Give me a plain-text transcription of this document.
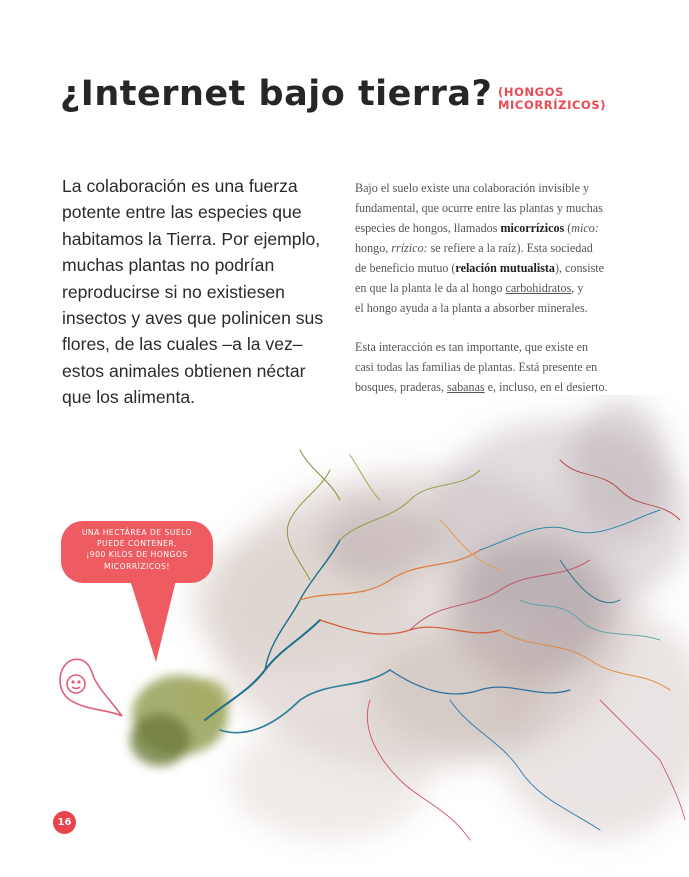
¿Internet bajo tierra? (HONGOS
MICORRÍZICOS)
La colaboración es una fuerza
potente entre las especies que
habitamos la Tierra. Por ejemplo,
muchas plantas no podrían
reproducirse si no existiesen
insectos y aves que polinicen sus
flores, de las cuales –a la vez–
estos animales obtienen néctar
que los alimenta.
Bajo el suelo existe una colaboración invisible y
fundamental, que ocurre entre las plantas y muchas
especies de hongos, llamados micorrízicos (mico:
hongo, rrízico: se refiere a la raíz). Esta sociedad
de beneficio mutuo (relación mutualista), consiste
en que la planta le da al hongo carbohidratos, y
el hongo ayuda a la planta a absorber minerales.
Esta interacción es tan importante, que existe en
casi todas las familias de plantas. Está presente en
bosques, praderas, sabanas e, incluso, en el desierto.
UNA HECTÁREA DE SUELO
PUEDE CONTENER,
¡900 KILOS DE HONGOS
MICORRÍZICOS!
16
